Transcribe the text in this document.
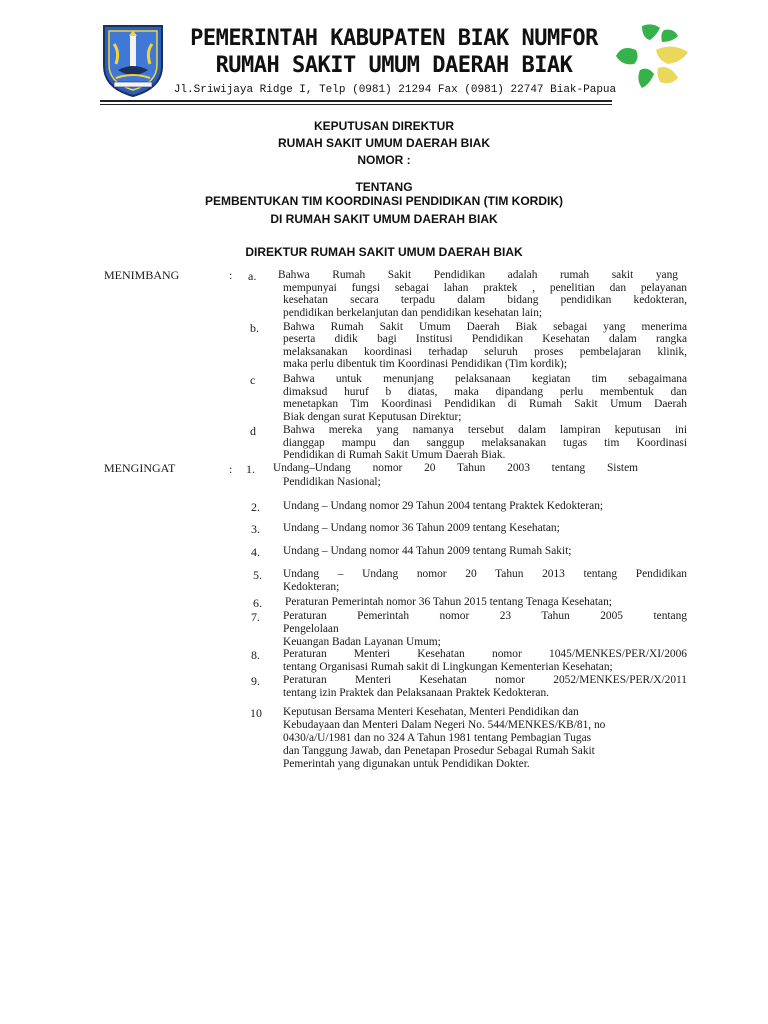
PEMERINTAH KABUPATEN BIAK NUMFOR
RUMAH SAKIT UMUM DAERAH BIAK
Jl.Sriwijaya Ridge I, Telp (0981) 21294 Fax (0981) 22747 Biak-Papua
KEPUTUSAN DIREKTUR
RUMAH SAKIT UMUM DAERAH BIAK
NOMOR :
TENTANG
PEMBENTUKAN TIM KOORDINASI PENDIDIKAN (TIM KORDIK)
DI RUMAH SAKIT UMUM DAERAH BIAK
DIREKTUR RUMAH SAKIT UMUM DAERAH BIAK
MENIMBANG	: a. Bahwa Rumah Sakit Pendidikan adalah rumah sakit yang
mempunyai fungsi sebagai lahan praktek , penelitian dan pelayanan
kesehatan secara terpadu dalam bidang pendidikan kedokteran,
pendidikan berkelanjutan dan pendidikan kesehatan lain;
b. Bahwa Rumah Sakit Umum Daerah Biak sebagai yang menerima
peserta didik bagi Institusi Pendidikan Kesehatan dalam rangka
melaksanakan koordinasi terhadap seluruh proses pembelajaran klinik,
maka perlu dibentuk tim Koordinasi Pendidikan (Tim kordik);
c Bahwa untuk menunjang pelaksanaan kegiatan tim sebagaimana
dimaksud huruf b diatas, maka dipandang perlu membentuk dan
menetapkan Tim Koordinasi Pendidikan di Rumah Sakit Umum Daerah
Biak dengan surat Keputusan Direktur;
d Bahwa mereka yang namanya tersebut dalam lampiran keputusan ini
dianggap mampu dan sanggup melaksanakan tugas tim Koordinasi
Pendidikan di Rumah Sakit Umum Daerah Biak.
MENGINGAT	: 1. Undang–Undang nomor 20 Tahun 2003 tentang Sistem
Pendidikan Nasional;
2. Undang – Undang nomor 29 Tahun 2004 tentang Praktek Kedokteran;
3. Undang – Undang nomor 36 Tahun 2009 tentang Kesehatan;
4. Undang – Undang nomor 44 Tahun 2009 tentang Rumah Sakit;
5. Undang – Undang nomor 20 Tahun 2013 tentang Pendidikan
Kedokteran;
6. Peraturan Pemerintah nomor 36 Tahun 2015 tentang Tenaga Kesehatan;
7. Peraturan Pemerintah nomor 23 Tahun 2005 tentang
Pengelolaan
Keuangan Badan Layanan Umum;
8. Peraturan Menteri Kesehatan nomor 1045/MENKES/PER/XI/2006
tentang Organisasi Rumah sakit di Lingkungan Kementerian Kesehatan;
9. Peraturan Menteri Kesehatan nomor 2052/MENKES/PER/X/2011
tentang izin Praktek dan Pelaksanaan Praktek Kedokteran.
10 Keputusan Bersama Menteri Kesehatan, Menteri Pendidikan dan
Kebudayaan dan Menteri Dalam Negeri No. 544/MENKES/KB/81, no
0430/a/U/1981 dan no 324 A Tahun 1981 tentang Pembagian Tugas
dan Tanggung Jawab, dan Penetapan Prosedur Sebagai Rumah Sakit
Pemerintah yang digunakan untuk Pendidikan Dokter.
